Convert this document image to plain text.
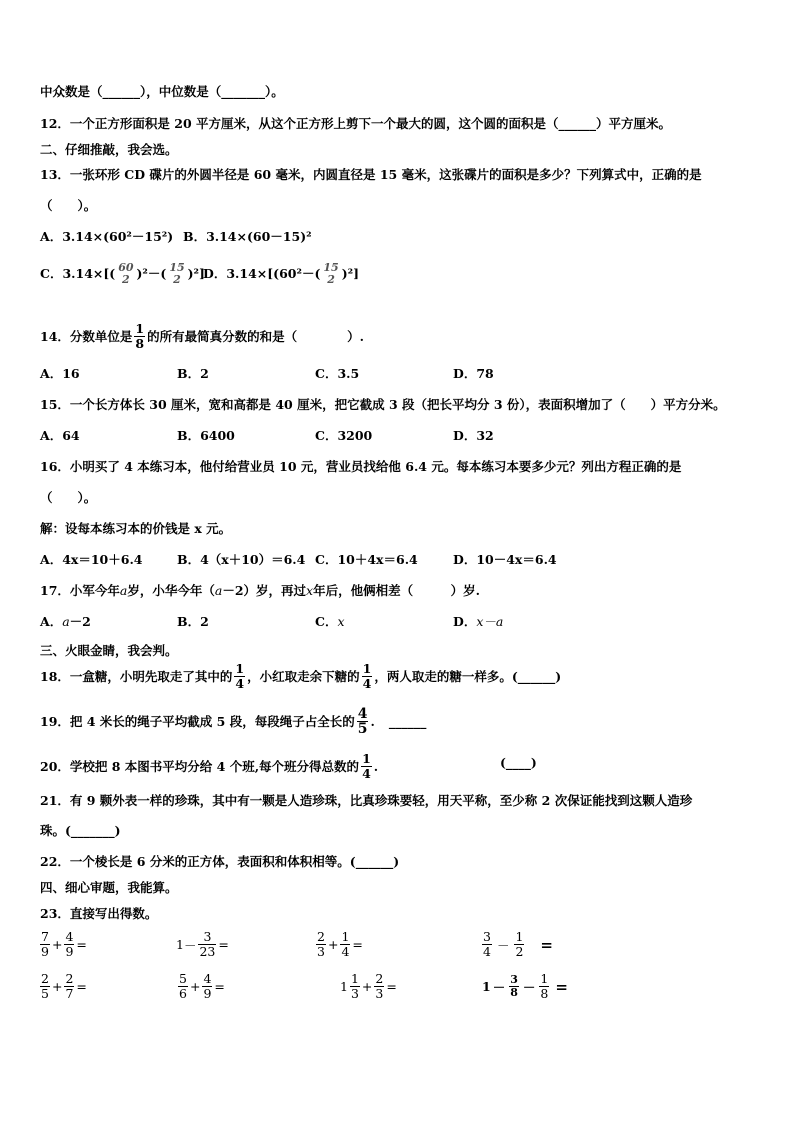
中众数是（______），中位数是（_______）。
12．一个正方形面积是 20 平方厘米，从这个正方形上剪下一个最大的圆，这个圆的面积是（______）平方厘米。
二、仔细推敲，我会选。
13．一张环形 CD 碟片的外圆半径是 60 毫米，内圆直径是 15 毫米，这张碟片的面积是多少？下列算式中，正确的是
（　　）。
A．3.14×(60²－15²) B．3.14×(60－15)²
C．3.14×[( 60
2 )²－( 15
2 )²]
D．3.14×[(60²－( 15
2 )²]
14．分数单位是 $\frac{1}{8}$ 的所有最简真分数的和是（　　　　）.
A．16	B．2	C．3.5	D．78
15．一个长方体长 30 厘米，宽和高都是 40 厘米，把它截成 3 段（把长平均分 3 份），表面积增加了（　　）平方分米。
A．64	B．6400	C．3200	D．32
16．小明买了 4 本练习本，他付给营业员 10 元，营业员找给他 6.4 元。每本练习本要多少元？列出方程正确的是
（　　）。
解：设每本练习本的价钱是 x 元。
A．4x＝10＋6.4	B．4（x＋10）＝6.4 C．10＋4x＝6.4	D．10－4x＝6.4
17．小军今年a岁，小华今年（a－2）岁，再过x年后，他俩相差（　　　）岁.
A．a－2	B．2	C．x	D．x－a
三、火眼金睛，我会判。
18．一盒糖，小明先取走了其中的 $\frac{1}{4}$ ，小红取走余下糖的 $\frac{1}{4}$ ，两人取走的糖一样多。(______)
19．把 4 米长的绳子平均截成 5 段，每段绳子占全长的 $\frac{4}{5}$ . ______
20．学校把 8 本图书平均分给 4 个班,每个班分得总数的 $\frac{1}{4}$ .	(____)
21．有 9 颗外表一样的珍珠，其中有一颗是人造珍珠，比真珍珠要轻，用天平称，至少称 2 次保证能找到这颗人造珍
珠。(_______)
22．一个棱长是 6 分米的正方体，表面积和体积相等。(______)
四、细心审题，我能算。
23．直接写出得数。
$\frac{7}{9} + \frac{4}{9}$ =	$1 - \frac{3}{23}$ =	$\frac{2}{3} + \frac{1}{4}$ =	$\frac{3}{4} - \frac{1}{2}$ =
$\frac{2}{5} + \frac{2}{7}$ =	$\frac{5}{6} + \frac{4}{9}$ =	$1 \frac{1}{3} + \frac{2}{3}$ =	$1 - \frac{3}{8} - \frac{1}{8}$ =
